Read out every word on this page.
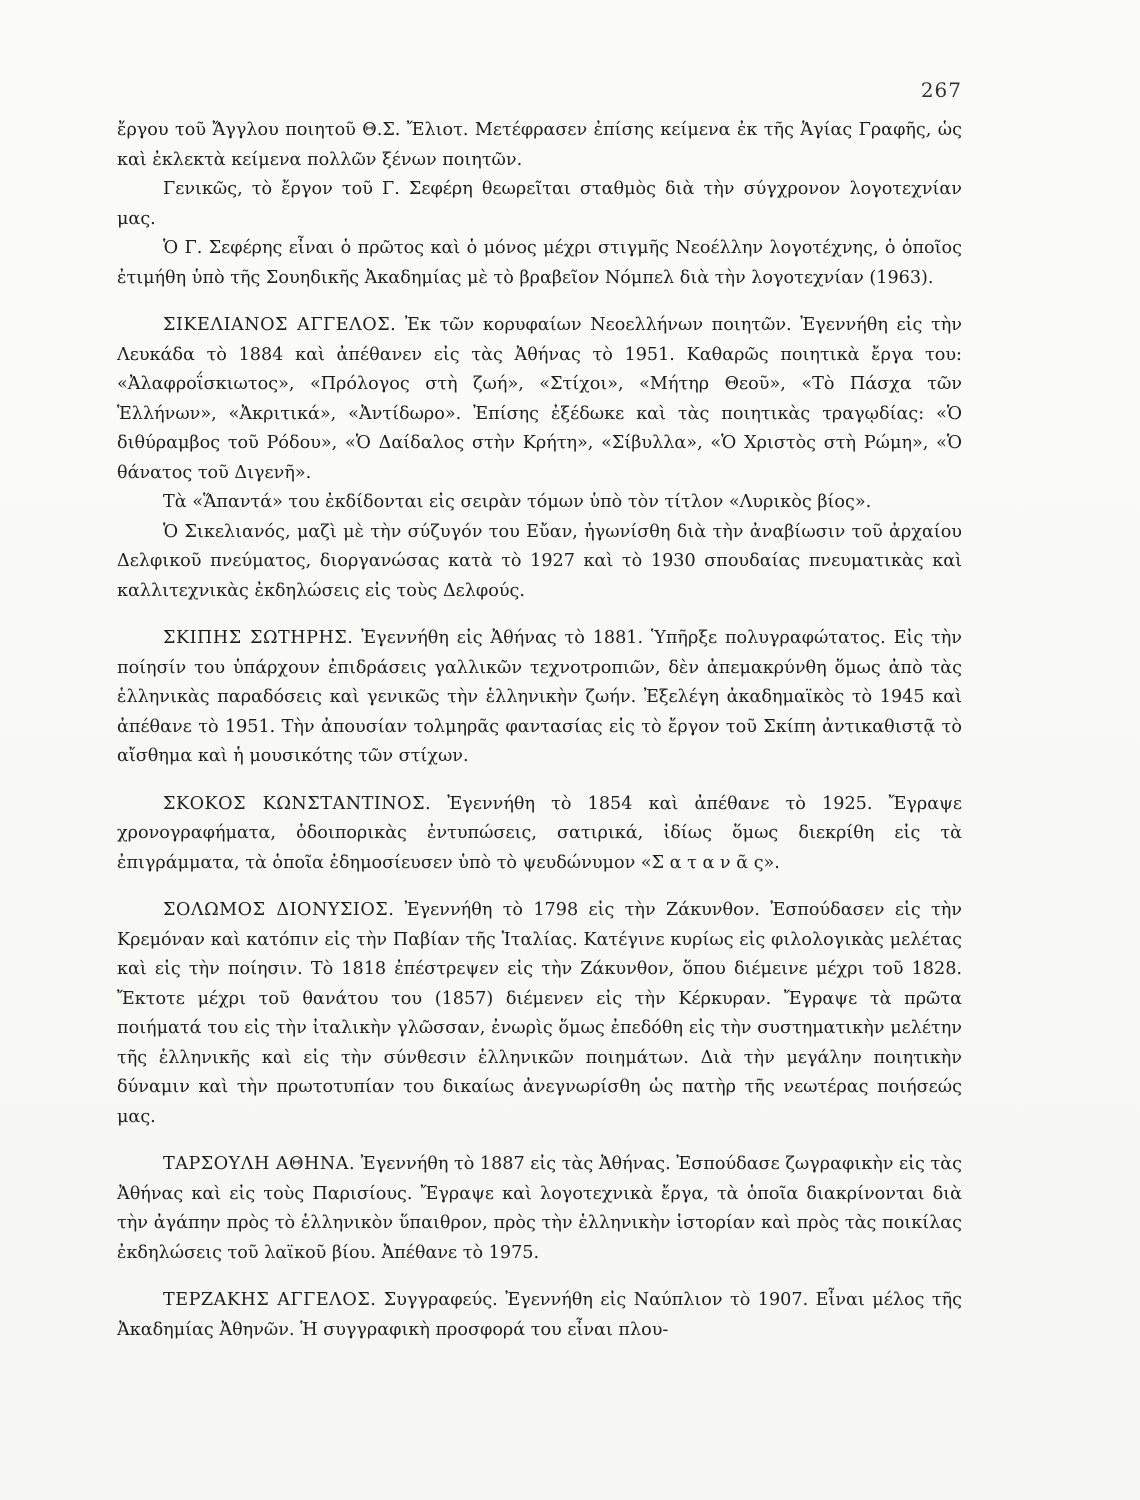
267

ἔργου τοῦ Ἄγγλου ποιητοῦ Θ.Σ. Ἔλιοτ. Μετέφρασεν ἐπίσης κείμενα ἐκ τῆς Ἁγίας Γραφῆς, ὡς καὶ ἐκλεκτὰ κείμενα πολλῶν ξένων ποιητῶν.

Γενικῶς, τὸ ἔργον τοῦ Γ. Σεφέρη θεωρεῖται σταθμὸς διὰ τὴν σύγχρονον λογοτεχνίαν μας.

Ὁ Γ. Σεφέρης εἶναι ὁ πρῶτος καὶ ὁ μόνος μέχρι στιγμῆς Νεοέλλην λογοτέχνης, ὁ ὁποῖος ἐτιμήθη ὑπὸ τῆς Σουηδικῆς Ἀκαδημίας μὲ τὸ βραβεῖον Νόμπελ διὰ τὴν λογοτεχνίαν (1963).

ΣΙΚΕΛΙΑΝΟΣ ΑΓΓΕΛΟΣ. Ἐκ τῶν κορυφαίων Νεοελλήνων ποιητῶν. Ἐγεννήθη εἰς τὴν Λευκάδα τὸ 1884 καὶ ἀπέθανεν εἰς τὰς Ἀθήνας τὸ 1951. Καθαρῶς ποιητικὰ ἔργα του: «Ἀλαφροΐσκιωτος», «Πρόλογος στὴ ζωή», «Στίχοι», «Μήτηρ Θεοῦ», «Τὸ Πάσχα τῶν Ἑλλήνων», «Ἀκριτικά», «Ἀντίδωρο». Ἐπίσης ἐξέδωκε καὶ τὰς ποιητικὰς τραγῳδίας: «Ὁ διθύραμβος τοῦ Ρόδου», «Ὁ Δαίδαλος στὴν Κρήτη», «Σίβυλλα», «Ὁ Χριστὸς στὴ Ρώμη», «Ὁ θάνατος τοῦ Διγενῆ».

Τὰ «Ἅπαντά» του ἐκδίδονται εἰς σειρὰν τόμων ὑπὸ τὸν τίτλον «Λυρικὸς βίος».

Ὁ Σικελιανός, μαζὶ μὲ τὴν σύζυγόν του Εὔαν, ἠγωνίσθη διὰ τὴν ἀναβίωσιν τοῦ ἀρχαίου Δελφικοῦ πνεύματος, διοργανώσας κατὰ τὸ 1927 καὶ τὸ 1930 σπουδαίας πνευματικὰς καὶ καλλιτεχνικὰς ἐκδηλώσεις εἰς τοὺς Δελφούς.

ΣΚΙΠΗΣ ΣΩΤΗΡΗΣ. Ἐγεννήθη εἰς Ἀθήνας τὸ 1881. Ὑπῆρξε πολυγραφώτατος. Εἰς τὴν ποίησίν του ὑπάρχουν ἐπιδράσεις γαλλικῶν τεχνοτροπιῶν, δὲν ἀπεμακρύνθη ὅμως ἀπὸ τὰς ἑλληνικὰς παραδόσεις καὶ γενικῶς τὴν ἑλληνικὴν ζωήν. Ἐξελέγη ἀκαδημαϊκὸς τὸ 1945 καὶ ἀπέθανε τὸ 1951. Τὴν ἀπουσίαν τολμηρᾶς φαντασίας εἰς τὸ ἔργον τοῦ Σκίπη ἀντικαθιστᾷ τὸ αἴσθημα καὶ ἡ μουσικότης τῶν στίχων.

ΣΚΟΚΟΣ ΚΩΝΣΤΑΝΤΙΝΟΣ. Ἐγεννήθη τὸ 1854 καὶ ἀπέθανε τὸ 1925. Ἔγραψε χρονογραφήματα, ὁδοιπορικὰς ἐντυπώσεις, σατιρικά, ἰδίως ὅμως διεκρίθη εἰς τὰ ἐπιγράμματα, τὰ ὁποῖα ἐδημοσίευσεν ὑπὸ τὸ ψευδώνυμον «Σ α τ α ν ᾶ ς».

ΣΟΛΩΜΟΣ ΔΙΟΝΥΣΙΟΣ. Ἐγεννήθη τὸ 1798 εἰς τὴν Ζάκυνθον. Ἐσπούδασεν εἰς τὴν Κρεμόναν καὶ κατόπιν εἰς τὴν Παβίαν τῆς Ἰταλίας. Κατέγινε κυρίως εἰς φιλολογικὰς μελέτας καὶ εἰς τὴν ποίησιν. Τὸ 1818 ἐπέστρεψεν εἰς τὴν Ζάκυνθον, ὅπου διέμεινε μέχρι τοῦ 1828. Ἔκτοτε μέχρι τοῦ θανάτου του (1857) διέμενεν εἰς τὴν Κέρκυραν. Ἔγραψε τὰ πρῶτα ποιήματά του εἰς τὴν ἰταλικὴν γλῶσσαν, ἐνωρὶς ὅμως ἐπεδόθη εἰς τὴν συστηματικὴν μελέτην τῆς ἑλληνικῆς καὶ εἰς τὴν σύνθεσιν ἑλληνικῶν ποιημάτων. Διὰ τὴν μεγάλην ποιητικὴν δύναμιν καὶ τὴν πρωτοτυπίαν του δικαίως ἀνεγνωρίσθη ὡς πατὴρ τῆς νεωτέρας ποιήσεώς μας.

ΤΑΡΣΟΥΛΗ ΑΘΗΝΑ. Ἐγεννήθη τὸ 1887 εἰς τὰς Ἀθήνας. Ἐσπούδασε ζωγραφικὴν εἰς τὰς Ἀθήνας καὶ εἰς τοὺς Παρισίους. Ἔγραψε καὶ λογοτεχνικὰ ἔργα, τὰ ὁποῖα διακρίνονται διὰ τὴν ἀγάπην πρὸς τὸ ἑλληνικὸν ὕπαιθρον, πρὸς τὴν ἑλληνικὴν ἱστορίαν καὶ πρὸς τὰς ποικίλας ἐκδηλώσεις τοῦ λαϊκοῦ βίου. Ἀπέθανε τὸ 1975.

ΤΕΡΖΑΚΗΣ ΑΓΓΕΛΟΣ. Συγγραφεύς. Ἐγεννήθη εἰς Ναύπλιον τὸ 1907. Εἶναι μέλος τῆς Ἀκαδημίας Ἀθηνῶν. Ἡ συγγραφικὴ προσφορά του εἶναι πλου-
